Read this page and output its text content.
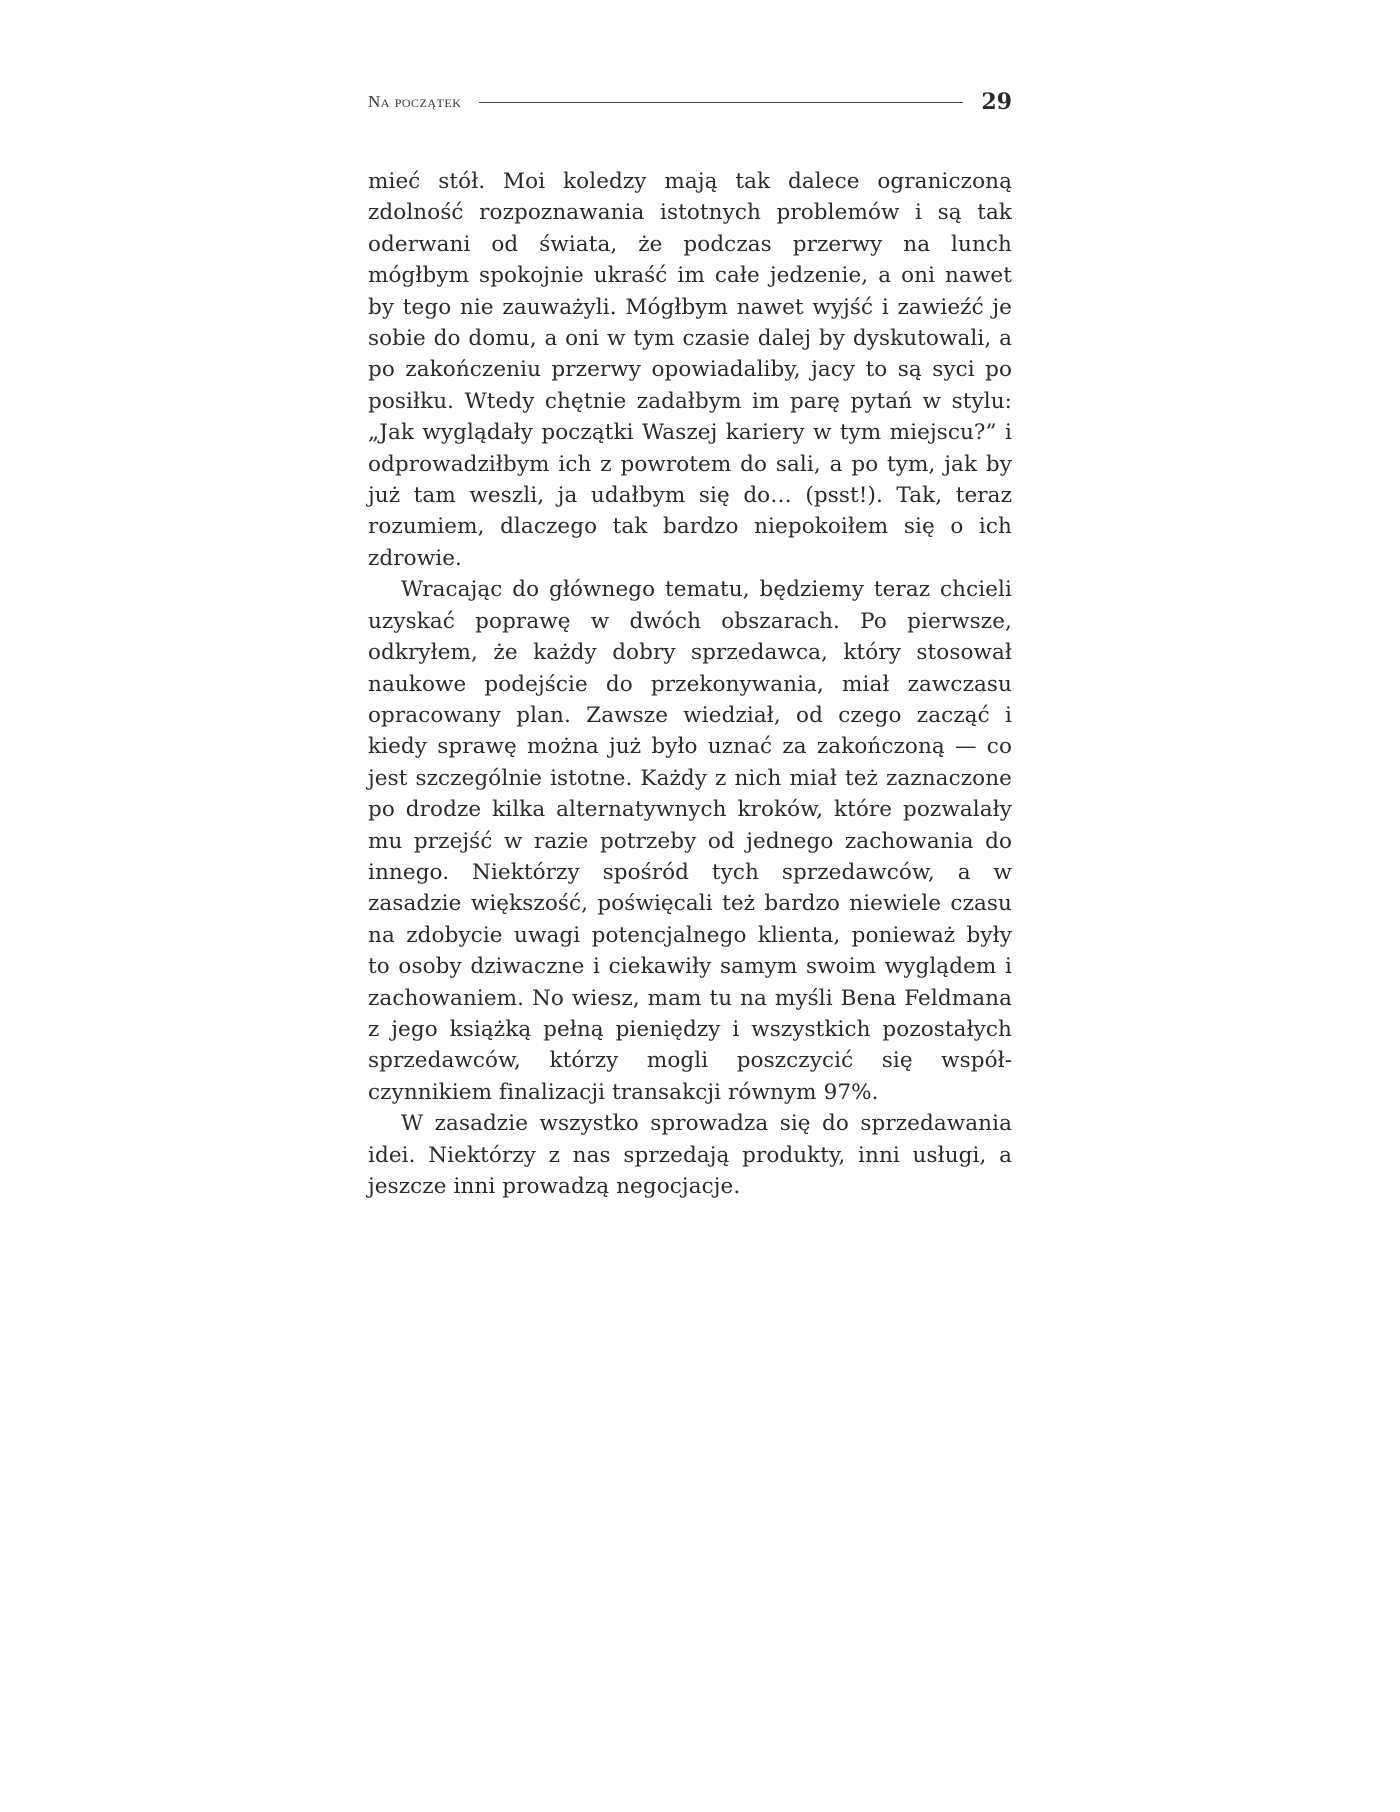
Na początek	29

mieć stół. Moi koledzy mają tak dalece ograniczoną zdolność rozpoznawania istotnych problemów i są tak oderwani od świata, że podczas przerwy na lunch mógłbym spokojnie ukraść im całe jedzenie, a oni nawet by tego nie zauważyli. Mógłbym nawet wyjść i zawieźć je sobie do domu, a oni w tym czasie dalej by dyskutowali, a po zakończeniu przerwy opowiadaliby, jacy to są syci po posiłku. Wtedy chętnie zadałbym im parę pytań w stylu: „Jak wyglądały początki Waszej kariery w tym miejscu?” i odprowadziłbym ich z powrotem do sali, a po tym, jak by już tam weszli, ja udałbym się do… (psst!). Tak, teraz rozumiem, dlaczego tak bardzo niepokoiłem się o ich zdrowie.

Wracając do głównego tematu, będziemy teraz chcieli uzyskać poprawę w dwóch obszarach. Po pierwsze, odkryłem, że każdy dobry sprzedawca, który stosował naukowe podejście do przekonywania, miał zawczasu opracowany plan. Zawsze wiedział, od czego zacząć i kiedy sprawę można już było uznać za zakończoną — co jest szczególnie istotne. Każdy z nich miał też zaznaczone po drodze kilka alternatywnych kroków, które pozwalały mu przejść w razie potrzeby od jednego zachowania do innego. Niektórzy spośród tych sprzedawców, a w zasadzie większość, poświęcali też bardzo niewiele czasu na zdobycie uwagi potencjalnego klienta, ponieważ były to osoby dziwaczne i ciekawiły samym swoim wyglądem i zachowaniem. No wiesz, mam tu na myśli Bena Feldmana z jego książką pełną pieniędzy i wszystkich pozostałych sprzedawców, którzy mogli poszczycić się współczynnikiem finalizacji transakcji równym 97%.

W zasadzie wszystko sprowadza się do sprzedawania idei. Niektórzy z nas sprzedają produkty, inni usługi, a jeszcze inni prowadzą negocjacje.
